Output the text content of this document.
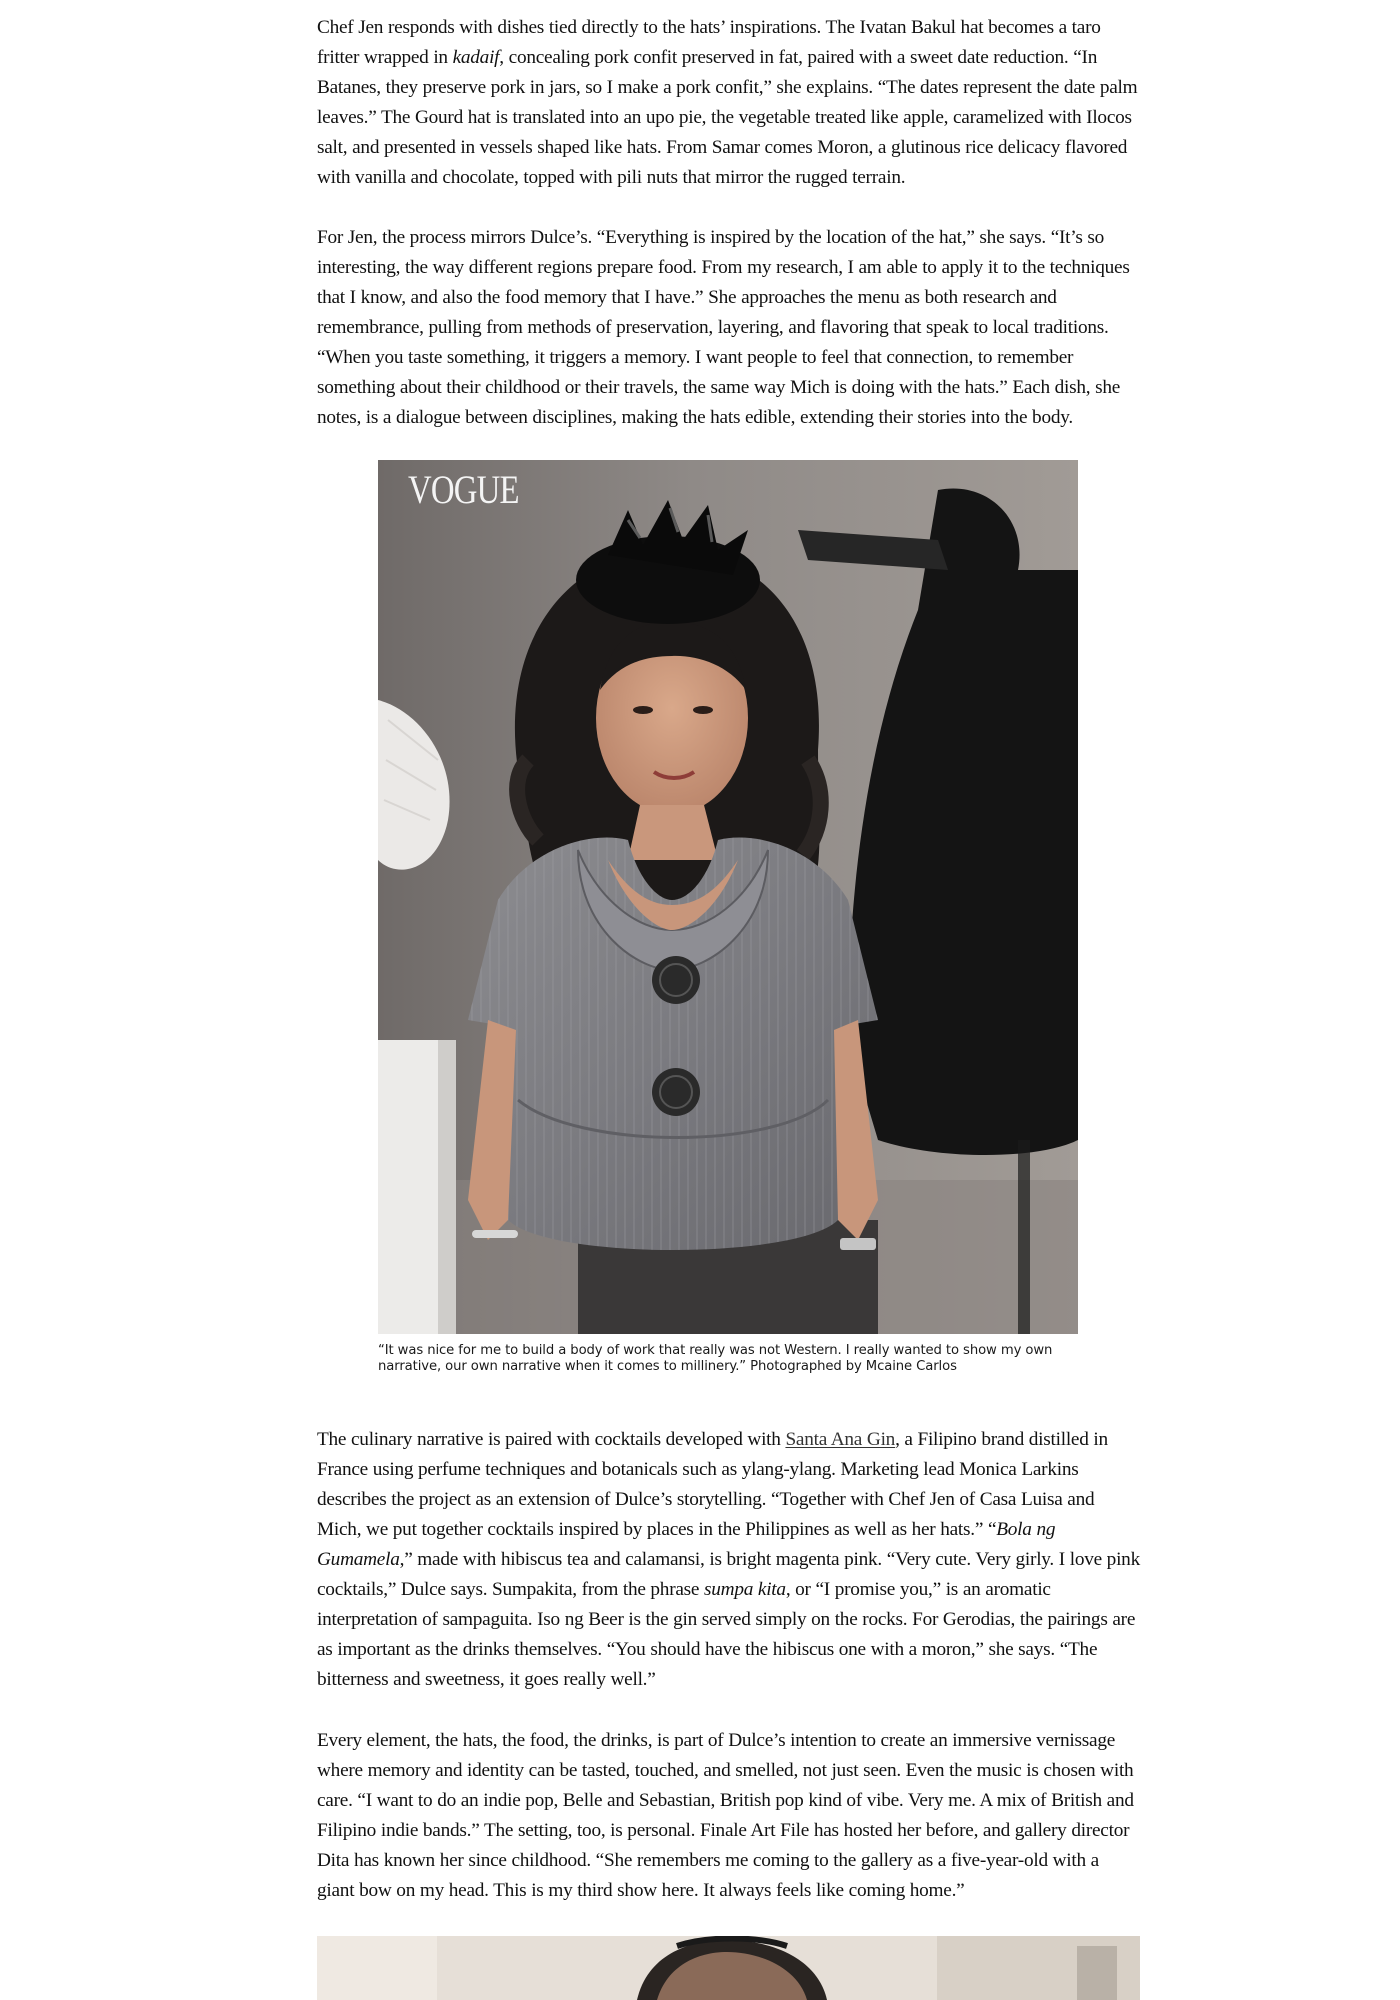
Chef Jen responds with dishes tied directly to the hats’ inspirations. The Ivatan Bakul hat becomes a taro fritter wrapped in kadaif, concealing pork confit preserved in fat, paired with a sweet date reduction. “In Batanes, they preserve pork in jars, so I make a pork confit,” she explains. “The dates represent the date palm leaves.” The Gourd hat is translated into an upo pie, the vegetable treated like apple, caramelized with Ilocos salt, and presented in vessels shaped like hats. From Samar comes Moron, a glutinous rice delicacy flavored with vanilla and chocolate, topped with pili nuts that mirror the rugged terrain.

For Jen, the process mirrors Dulce’s. “Everything is inspired by the location of the hat,” she says. “It’s so interesting, the way different regions prepare food. From my research, I am able to apply it to the techniques that I know, and also the food memory that I have.” She approaches the menu as both research and remembrance, pulling from methods of preservation, layering, and flavoring that speak to local traditions. “When you taste something, it triggers a memory. I want people to feel that connection, to remember something about their childhood or their travels, the same way Mich is doing with the hats.” Each dish, she notes, is a dialogue between disciplines, making the hats edible, extending their stories into the body.

VOGUE
“It was nice for me to build a body of work that really was not Western. I really wanted to show my own narrative, our own narrative when it comes to millinery.” Photographed by Mcaine Carlos

The culinary narrative is paired with cocktails developed with Santa Ana Gin, a Filipino brand distilled in France using perfume techniques and botanicals such as ylang-ylang. Marketing lead Monica Larkins describes the project as an extension of Dulce’s storytelling. “Together with Chef Jen of Casa Luisa and Mich, we put together cocktails inspired by places in the Philippines as well as her hats.” “Bola ng Gumamela,” made with hibiscus tea and calamansi, is bright magenta pink. “Very cute. Very girly. I love pink cocktails,” Dulce says. Sumpakita, from the phrase sumpa kita, or “I promise you,” is an aromatic interpretation of sampaguita. Iso ng Beer is the gin served simply on the rocks. For Gerodias, the pairings are as important as the drinks themselves. “You should have the hibiscus one with a moron,” she says. “The bitterness and sweetness, it goes really well.”

Every element, the hats, the food, the drinks, is part of Dulce’s intention to create an immersive vernissage where memory and identity can be tasted, touched, and smelled, not just seen. Even the music is chosen with care. “I want to do an indie pop, Belle and Sebastian, British pop kind of vibe. Very me. A mix of British and Filipino indie bands.” The setting, too, is personal. Finale Art File has hosted her before, and gallery director Dita has known her since childhood. “She remembers me coming to the gallery as a five-year-old with a giant bow on my head. This is my third show here. It always feels like coming home.”
